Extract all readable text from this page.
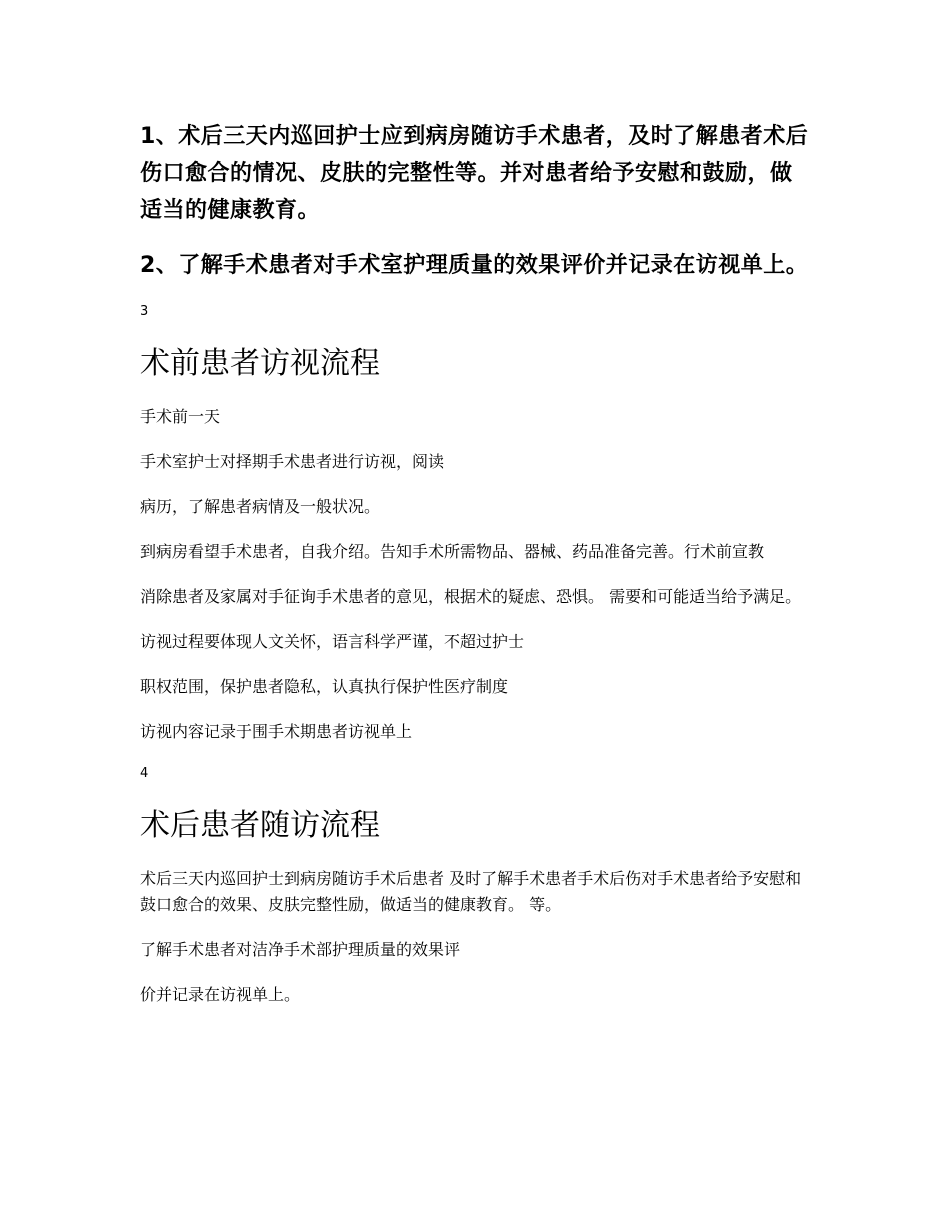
1、术后三天内巡回护士应到病房随访手术患者，及时了解患者术后伤口愈合的情况、皮肤的完整性等。并对患者给予安慰和鼓励，做适当的健康教育。

2、了解手术患者对手术室护理质量的效果评价并记录在访视单上。

3
术前患者访视流程

手术前一天

手术室护士对择期手术患者进行访视，阅读

病历，了解患者病情及一般状况。

到病房看望手术患者，自我介绍。告知手术所需物品、器械、药品准备完善。行术前宣教

消除患者及家属对手征询手术患者的意见，根据术的疑虑、恐惧。 需要和可能适当给予满足。

访视过程要体现人文关怀，语言科学严谨，不超过护士

职权范围，保护患者隐私，认真执行保护性医疗制度

访视内容记录于围手术期患者访视单上

4
术后患者随访流程

术后三天内巡回护士到病房随访手术后患者 及时了解手术患者手术后伤对手术患者给予安慰和鼓口愈合的效果、皮肤完整性励，做适当的健康教育。 等。

了解手术患者对洁净手术部护理质量的效果评

价并记录在访视单上。
